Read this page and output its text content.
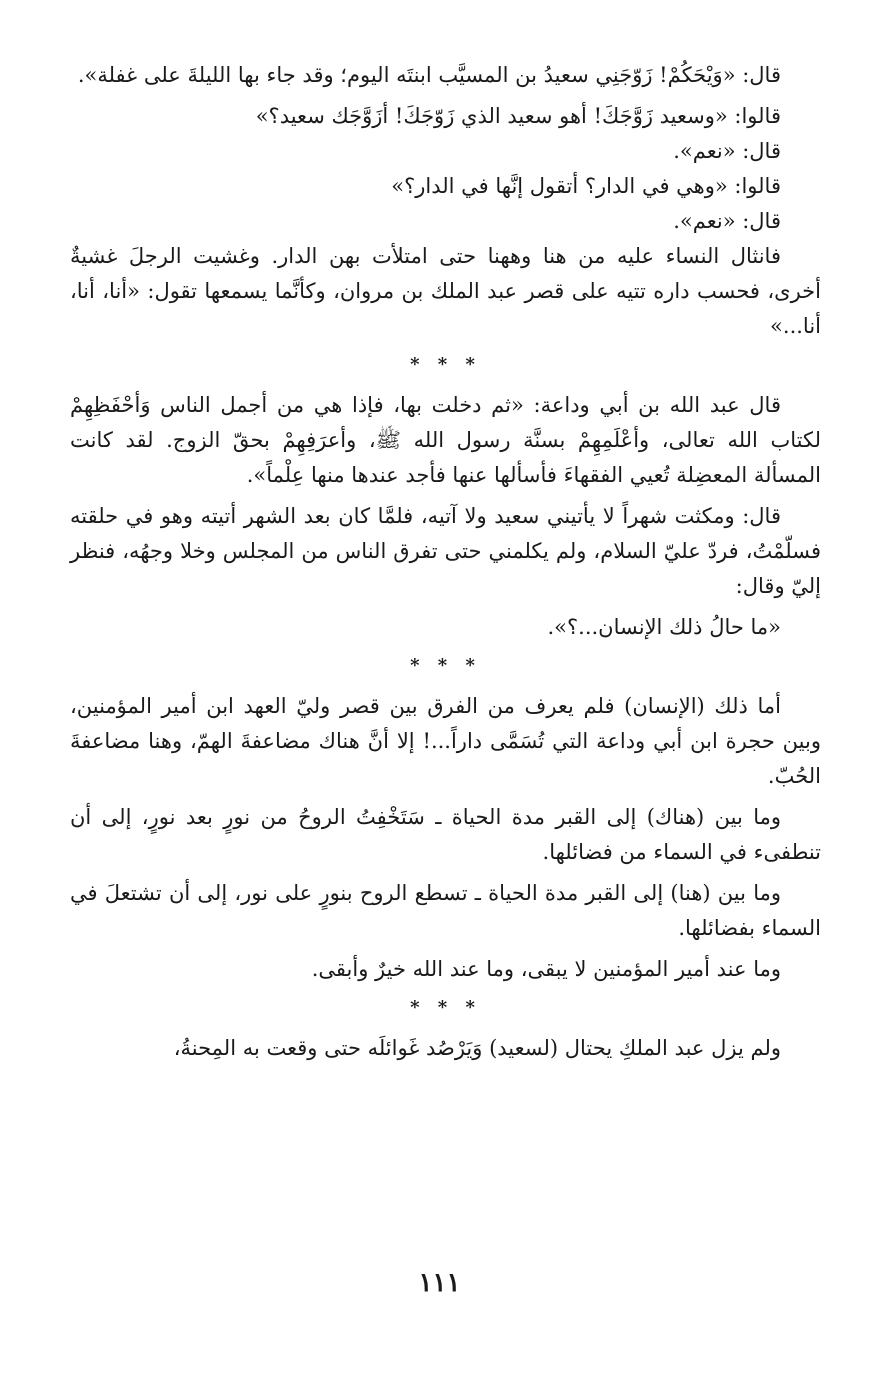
قال: «وَيْحَكُمْ! زَوّجَنِي سعيدُ بن المسيَّب ابنتَه اليوم؛ وقد جاء بها الليلةَ على غفلة».

قالوا: «وسعيد زَوَّجَكَ! أهو سعيد الذي زَوّجَكَ! أزَوَّجَك سعيد؟»

قال: «نعم».

قالوا: «وهي في الدار؟ أتقول إنَّها في الدار؟»

قال: «نعم».

فانثال النساء عليه من هنا وههنا حتى امتلأت بهن الدار. وغشيت الرجلَ غشيةٌ أخرى، فحسب داره تتيه على قصر عبد الملك بن مروان، وكأنَّما يسمعها تقول: «أنا، أنا، أنا...»

* * *

قال عبد الله بن أبي وداعة: «ثم دخلت بها، فإذا هي من أجمل الناس وَأحْفَظِهِمْ لكتاب الله تعالى، وأعْلَمِهِمْ بسنَّة رسول الله ﷺ، وأعرَفِهِمْ بحقّ الزوج. لقد كانت المسألة المعضِلة تُعيي الفقهاءَ فأسألها عنها فأجد عندها منها عِلْماً».

قال: ومكثت شهراً لا يأتيني سعيد ولا آتيه، فلمَّا كان بعد الشهر أتيته وهو في حلقته فسلّمْتُ، فردّ عليّ السلام، ولم يكلمني حتى تفرق الناس من المجلس وخلا وجهُه، فنظر إليّ وقال:

«ما حالُ ذلك الإنسان...؟».

* * *

أما ذلك (الإنسان) فلم يعرف من الفرق بين قصر وليّ العهد ابن أمير المؤمنين، وبين حجرة ابن أبي وداعة التي تُسَمَّى داراً...! إلا أنَّ هناك مضاعفةَ الهمّ، وهنا مضاعفةَ الحُبّ.

وما بين (هناك) إلى القبر مدة الحياة ـ سَتَخْفِتُ الروحُ من نورٍ بعد نورٍ، إلى أن تنطفىء في السماء من فضائلها.

وما بين (هنا) إلى القبر مدة الحياة ـ تسطع الروح بنورٍ على نور، إلى أن تشتعلَ في السماء بفضائلها.

وما عند أمير المؤمنين لا يبقى، وما عند الله خيرٌ وأبقى.

* * *

ولم يزل عبد الملكِ يحتال (لسعيد) وَيَرْصُد غَوائلَه حتى وقعت به المِحنةُ،

١١١
